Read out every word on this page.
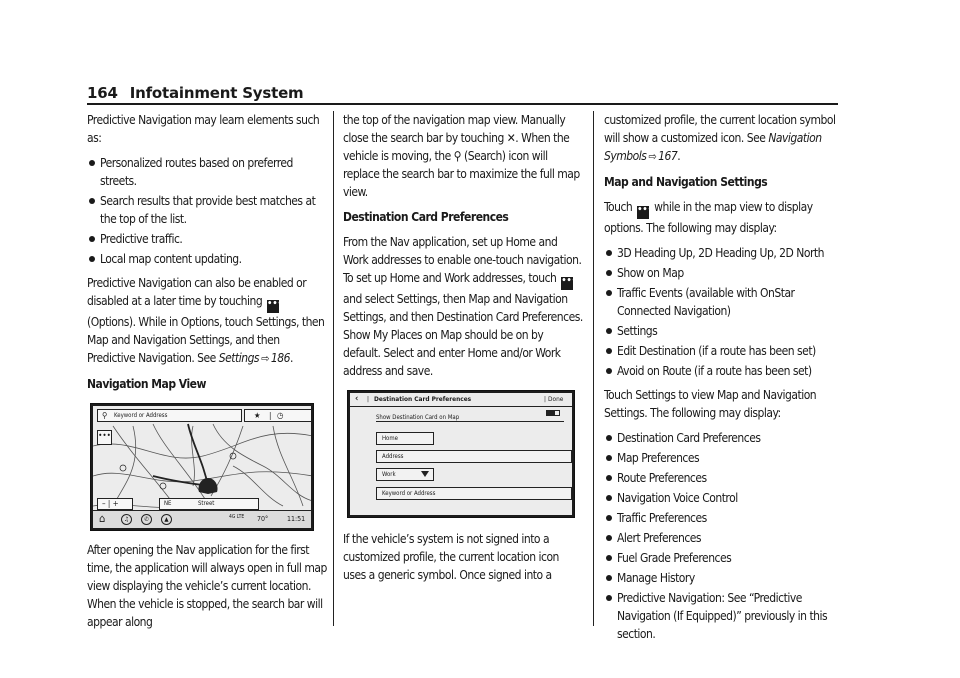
164 Infotainment System

Predictive Navigation may learn elements such as:

Personalized routes based on preferred streets.
Search results that provide best matches at the top of the list.
Predictive traffic.
Local map content updating.

Predictive Navigation can also be enabled or disabled at a later time by touching ••• (Options). While in Options, touch Settings, then Map and Navigation Settings, and then Predictive Navigation. See Settings ⇨ 186.

Navigation Map View

⚲ Keyword or Address	★ | ◷
•••
– | +	NE	Street
⌂	♫	✆	▲	4G LTE 70°	11:51

After opening the Nav application for the first time, the application will always open in full map view displaying the vehicle’s current location. When the vehicle is stopped, the search bar will appear along

the top of the navigation map view. Manually close the search bar by touching ✕. When the vehicle is moving, the ⚲ (Search) icon will replace the search bar to maximize the full map view.

Destination Card Preferences

From the Nav application, set up Home and Work addresses to enable one-touch navigation. To set up Home and Work addresses, touch ••• and select Settings, then Map and Navigation Settings, and then Destination Card Preferences. Show My Places on Map should be on by default. Select and enter Home and/or Work address and save.

‹ | Destination Card Preferences	| Done
Show Destination Card on Map
Home
Address
Work
Keyword or Address

If the vehicle’s system is not signed into a customized profile, the current location icon uses a generic symbol. Once signed into a

customized profile, the current location symbol will show a customized icon. See Navigation Symbols ⇨ 167.

Map and Navigation Settings

Touch ••• while in the map view to display options. The following may display:

3D Heading Up, 2D Heading Up, 2D North
Show on Map
Traffic Events (available with OnStar Connected Navigation)
Settings
Edit Destination (if a route has been set)
Avoid on Route (if a route has been set)

Touch Settings to view Map and Navigation Settings. The following may display:

Destination Card Preferences
Map Preferences
Route Preferences
Navigation Voice Control
Traffic Preferences
Alert Preferences
Fuel Grade Preferences
Manage History
Predictive Navigation: See “Predictive Navigation (If Equipped)” previously in this section.
